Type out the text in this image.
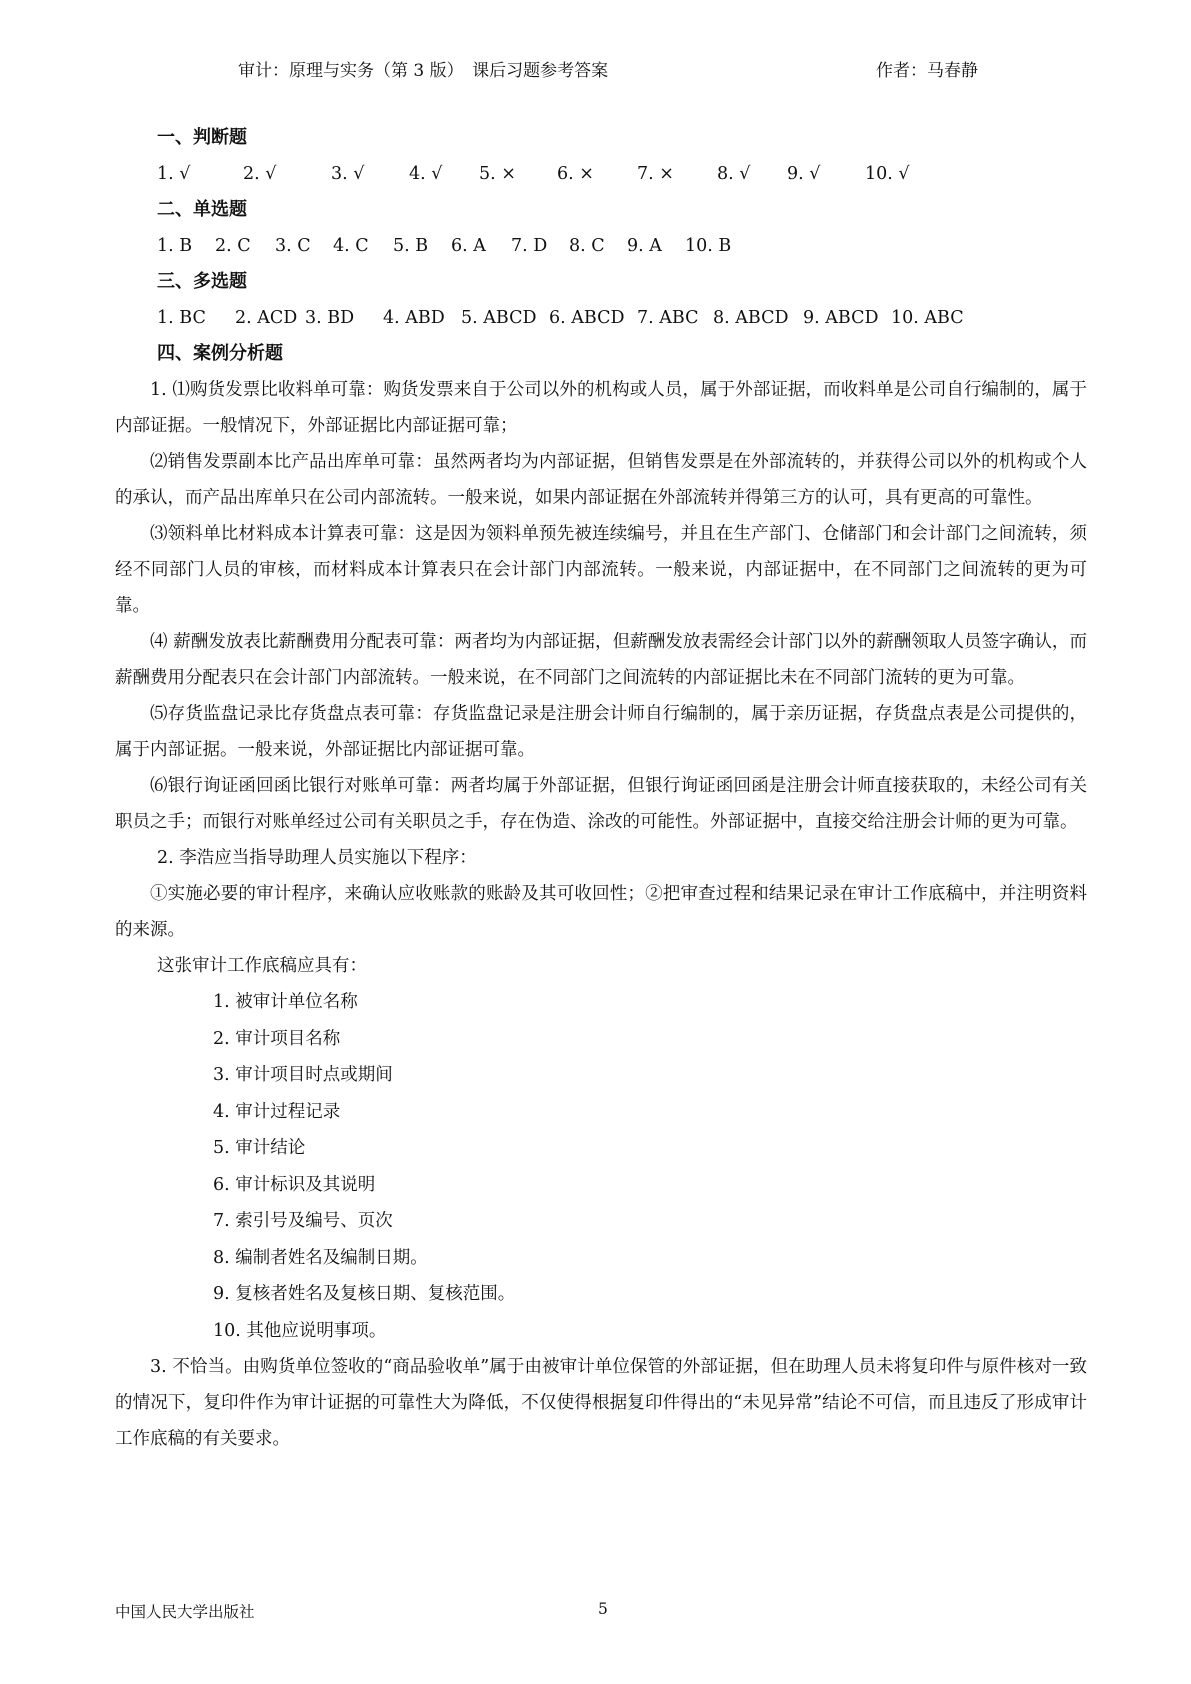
审计：原理与实务（第 3 版）　课后习题参考答案	作者：马春静
一、判断题
1. √	2. √	3. √	4. √ 5. × 6. × 7. × 8. √ 9. √	10. √
二、单选题
1. B 2. C 3. C 4. C 5. B 6. A 7. D 8. C 9. A 10. B
三、多选题
1. BC 2. ACD 3. BD 4. ABD 5. ABCD 6. ABCD 7. ABC 8. ABCD 9. ABCD 10. ABC
四、案例分析题

1. ⑴购货发票比收料单可靠：购货发票来自于公司以外的机构或人员，属于外部证据，而收料单是公司自行编制的，属于内部证据。一般情况下，外部证据比内部证据可靠；

⑵销售发票副本比产品出库单可靠：虽然两者均为内部证据，但销售发票是在外部流转的，并获得公司以外的机构或个人的承认，而产品出库单只在公司内部流转。一般来说，如果内部证据在外部流转并得第三方的认可，具有更高的可靠性。

⑶领料单比材料成本计算表可靠：这是因为领料单预先被连续编号，并且在生产部门、仓储部门和会计部门之间流转，须经不同部门人员的审核，而材料成本计算表只在会计部门内部流转。一般来说，内部证据中，在不同部门之间流转的更为可靠。

⑷ 薪酬发放表比薪酬费用分配表可靠：两者均为内部证据，但薪酬发放表需经会计部门以外的薪酬领取人员签字确认，而薪酬费用分配表只在会计部门内部流转。一般来说，在不同部门之间流转的内部证据比未在不同部门流转的更为可靠。

⑸存货监盘记录比存货盘点表可靠：存货监盘记录是注册会计师自行编制的，属于亲历证据，存货盘点表是公司提供的，属于内部证据。一般来说，外部证据比内部证据可靠。

⑹银行询证函回函比银行对账单可靠：两者均属于外部证据，但银行询证函回函是注册会计师直接获取的，未经公司有关职员之手；而银行对账单经过公司有关职员之手，存在伪造、涂改的可能性。外部证据中，直接交给注册会计师的更为可靠。

2. 李浩应当指导助理人员实施以下程序：

①实施必要的审计程序，来确认应收账款的账龄及其可收回性；②把审查过程和结果记录在审计工作底稿中，并注明资料的来源。

这张审计工作底稿应具有：

1. 被审计单位名称
2. 审计项目名称
3. 审计项目时点或期间
4. 审计过程记录
5. 审计结论
6. 审计标识及其说明
7. 索引号及编号、页次
8. 编制者姓名及编制日期。
9. 复核者姓名及复核日期、复核范围。
10. 其他应说明事项。

3. 不恰当。由购货单位签收的“商品验收单”属于由被审计单位保管的外部证据，但在助理人员未将复印件与原件核对一致的情况下，复印件作为审计证据的可靠性大为降低，不仅使得根据复印件得出的“未见异常”结论不可信，而且违反了形成审计工作底稿的有关要求。

中国人民大学出版社	5
